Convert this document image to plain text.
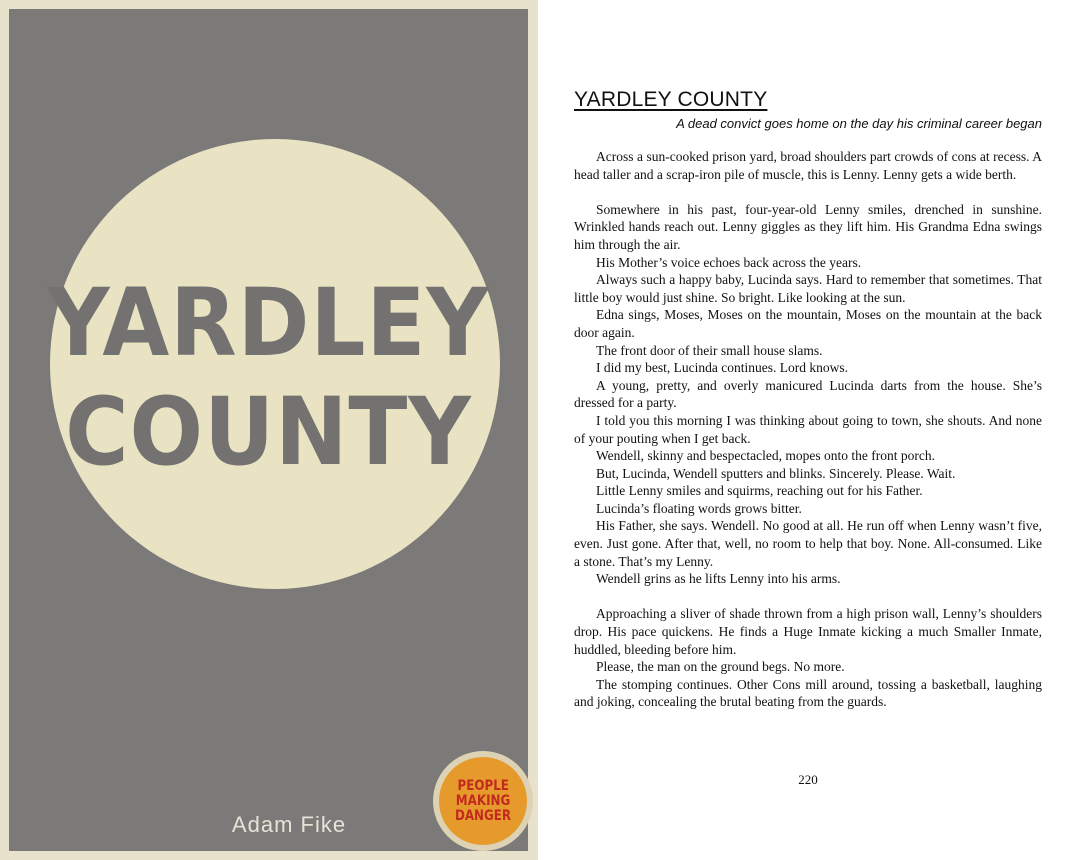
YARDLEY
COUNTY
Adam Fike
PEOPLE
MAKING
DANGER
YARDLEY COUNTY
A dead convict goes home on the day his criminal career began

Across a sun-cooked prison yard, broad shoulders part crowds of cons at recess. A head taller and a scrap-iron pile of muscle, this is Lenny. Lenny gets a wide berth.

Somewhere in his past, four-year-old Lenny smiles, drenched in sunshine. Wrinkled hands reach out. Lenny giggles as they lift him. His Grandma Edna swings him through the air.

His Mother’s voice echoes back across the years.

Always such a happy baby, Lucinda says. Hard to remember that sometimes. That little boy would just shine. So bright. Like looking at the sun.

Edna sings, Moses, Moses on the mountain, Moses on the mountain at the back door again.

The front door of their small house slams.

I did my best, Lucinda continues. Lord knows.

A young, pretty, and overly manicured Lucinda darts from the house. She’s dressed for a party.

I told you this morning I was thinking about going to town, she shouts. And none of your pouting when I get back.

Wendell, skinny and bespectacled, mopes onto the front porch.

But, Lucinda, Wendell sputters and blinks. Sincerely. Please. Wait.

Little Lenny smiles and squirms, reaching out for his Father.

Lucinda’s floating words grows bitter.

His Father, she says. Wendell. No good at all. He run off when Lenny wasn’t five, even. Just gone. After that, well, no room to help that boy. None. All-consumed. Like a stone. That’s my Lenny.

Wendell grins as he lifts Lenny into his arms.

Approaching a sliver of shade thrown from a high prison wall, Lenny’s shoulders drop. His pace quickens. He finds a Huge Inmate kicking a much Smaller Inmate, huddled, bleeding before him.

Please, the man on the ground begs. No more.

The stomping continues. Other Cons mill around, tossing a basketball, laughing and joking, concealing the brutal beating from the guards.

220
